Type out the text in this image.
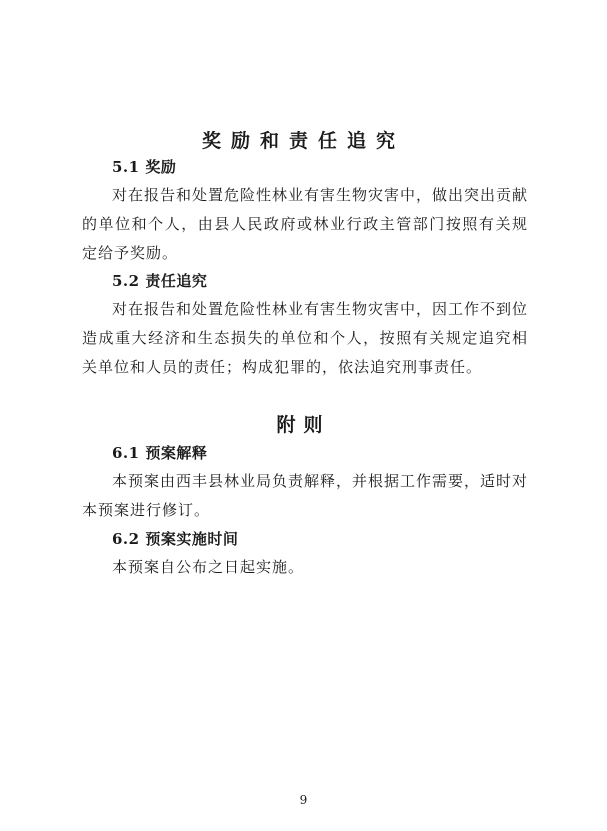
奖励和责任追究

5.1 奖励

对在报告和处置危险性林业有害生物灾害中，做出突出贡献的单位和个人，由县人民政府或林业行政主管部门按照有关规定给予奖励。

5.2 责任追究

对在报告和处置危险性林业有害生物灾害中，因工作不到位造成重大经济和生态损失的单位和个人，按照有关规定追究相关单位和人员的责任；构成犯罪的，依法追究刑事责任。

附则

6.1 预案解释

本预案由西丰县林业局负责解释，并根据工作需要，适时对本预案进行修订。

6.2 预案实施时间

本预案自公布之日起实施。

9
